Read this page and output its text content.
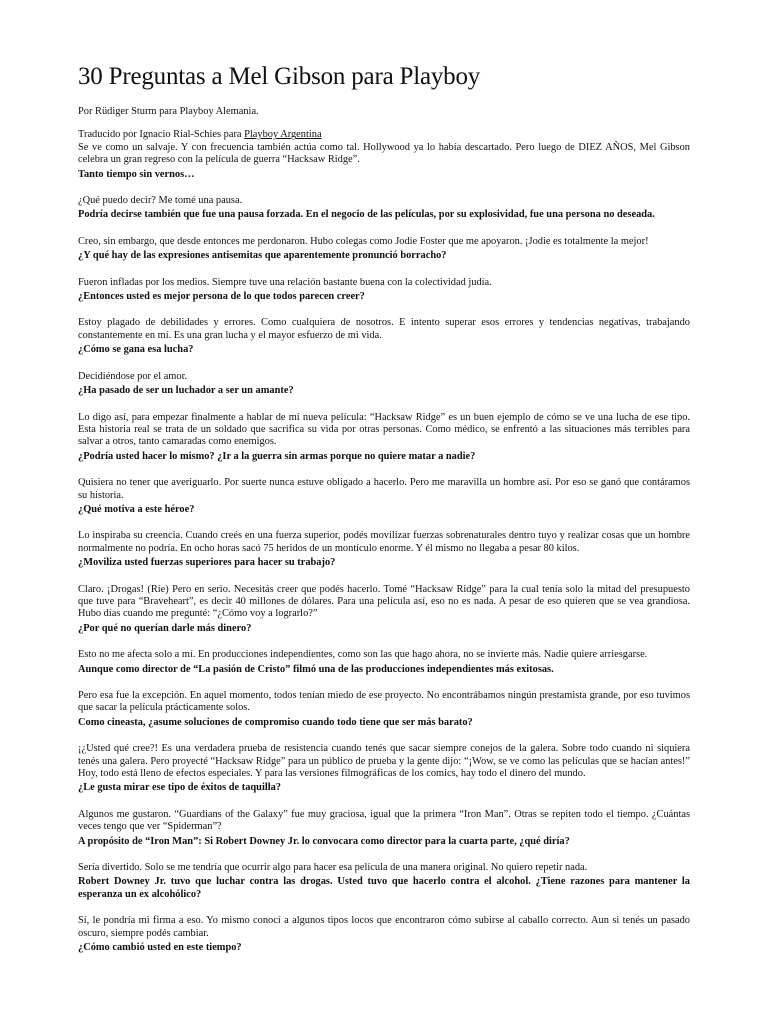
30 Preguntas a Mel Gibson para Playboy

Por Rüdiger Sturm para Playboy Alemania.

Traducido por Ignacio Rial-Schies para Playboy Argentina

Se ve como un salvaje. Y con frecuencia también actúa como tal. Hollywood ya lo había descartado. Pero luego de DIEZ AÑOS, Mel Gibson celebra un gran regreso con la película de guerra “Hacksaw Ridge”.

Tanto tiempo sin vernos…

¿Qué puedo decir? Me tomé una pausa.

Podría decirse también que fue una pausa forzada. En el negocio de las películas, por su explosividad, fue una persona no deseada.

Creo, sin embargo, que desde entonces me perdonaron. Hubo colegas como Jodie Foster que me apoyaron. ¡Jodie es totalmente la mejor!

¿Y qué hay de las expresiones antisemitas que aparentemente pronunció borracho?

Fueron infladas por los medios. Siempre tuve una relación bastante buena con la colectividad judía.

¿Entonces usted es mejor persona de lo que todos parecen creer?

Estoy plagado de debilidades y errores. Como cualquiera de nosotros. E intento superar esos errores y tendencias negativas, trabajando constantemente en mí. Es una gran lucha y el mayor esfuerzo de mi vida.

¿Cómo se gana esa lucha?

Decidiéndose por el amor.

¿Ha pasado de ser un luchador a ser un amante?

Lo digo así, para empezar finalmente a hablar de mi nueva película: “Hacksaw Ridge” es un buen ejemplo de cómo se ve una lucha de ese tipo. Esta historia real se trata de un soldado que sacrifica su vida por otras personas. Como médico, se enfrentó a las situaciones más terribles para salvar a otros, tanto camaradas como enemigos.

¿Podría usted hacer lo mismo? ¿Ir a la guerra sin armas porque no quiere matar a nadie?

Quisiera no tener que averiguarlo. Por suerte nunca estuve obligado a hacerlo. Pero me maravilla un hombre así. Por eso se ganó que contáramos su historia.

¿Qué motiva a este héroe?

Lo inspiraba su creencia. Cuando creés en una fuerza superior, podés movilizar fuerzas sobrenaturales dentro tuyo y realizar cosas que un hombre normalmente no podría. En ocho horas sacó 75 heridos de un montículo enorme. Y él mismo no llegaba a pesar 80 kilos.

¿Moviliza usted fuerzas superiores para hacer su trabajo?

Claro. ¡Drogas! (Ríe) Pero en serio. Necesitás creer que podés hacerlo. Tomé “Hacksaw Ridge” para la cual tenía solo la mitad del presupuesto que tuve para “Braveheart”, es decir 40 millones de dólares. Para una película así, eso no es nada. A pesar de eso quieren que se vea grandiosa. Hubo días cuando me pregunté: “¿Cómo voy a lograrlo?”

¿Por qué no querían darle más dinero?

Esto no me afecta solo a mí. En producciones independientes, como son las que hago ahora, no se invierte más. Nadie quiere arriesgarse.

Aunque como director de “La pasión de Cristo” filmó una de las producciones independientes más exitosas.

Pero esa fue la excepción. En aquel momento, todos tenían miedo de ese proyecto. No encontrábamos ningún prestamista grande, por eso tuvimos que sacar la película prácticamente solos.

Como cineasta, ¿asume soluciones de compromiso cuando todo tiene que ser más barato?

¡¿Usted qué cree?! Es una verdadera prueba de resistencia cuando tenés que sacar siempre conejos de la galera. Sobre todo cuando ni siquiera tenés una galera. Pero proyecté “Hacksaw Ridge” para un público de prueba y la gente dijo: “¡Wow, se ve como las películas que se hacían antes!” Hoy, todo está lleno de efectos especiales. Y para las versiones filmográficas de los comics, hay todo el dinero del mundo.

¿Le gusta mirar ese tipo de éxitos de taquilla?

Algunos me gustaron. “Guardians of the Galaxy” fue muy graciosa, igual que la primera “Iron Man”. Otras se repiten todo el tiempo. ¿Cuántas veces tengo que ver “Spiderman”?

A propósito de “Iron Man”: Si Robert Downey Jr. lo convocara como director para la cuarta parte, ¿qué diría?

Sería divertido. Solo se me tendría que ocurrir algo para hacer esa película de una manera original. No quiero repetir nada.

Robert Downey Jr. tuvo que luchar contra las drogas. Usted tuvo que hacerlo contra el alcohol. ¿Tiene razones para mantener la esperanza un ex alcohólico?

Sí, le pondría mi firma a eso. Yo mismo conocí a algunos tipos locos que encontraron cómo subirse al caballo correcto. Aun si tenés un pasado oscuro, siempre podés cambiar.

¿Cómo cambió usted en este tiempo?
